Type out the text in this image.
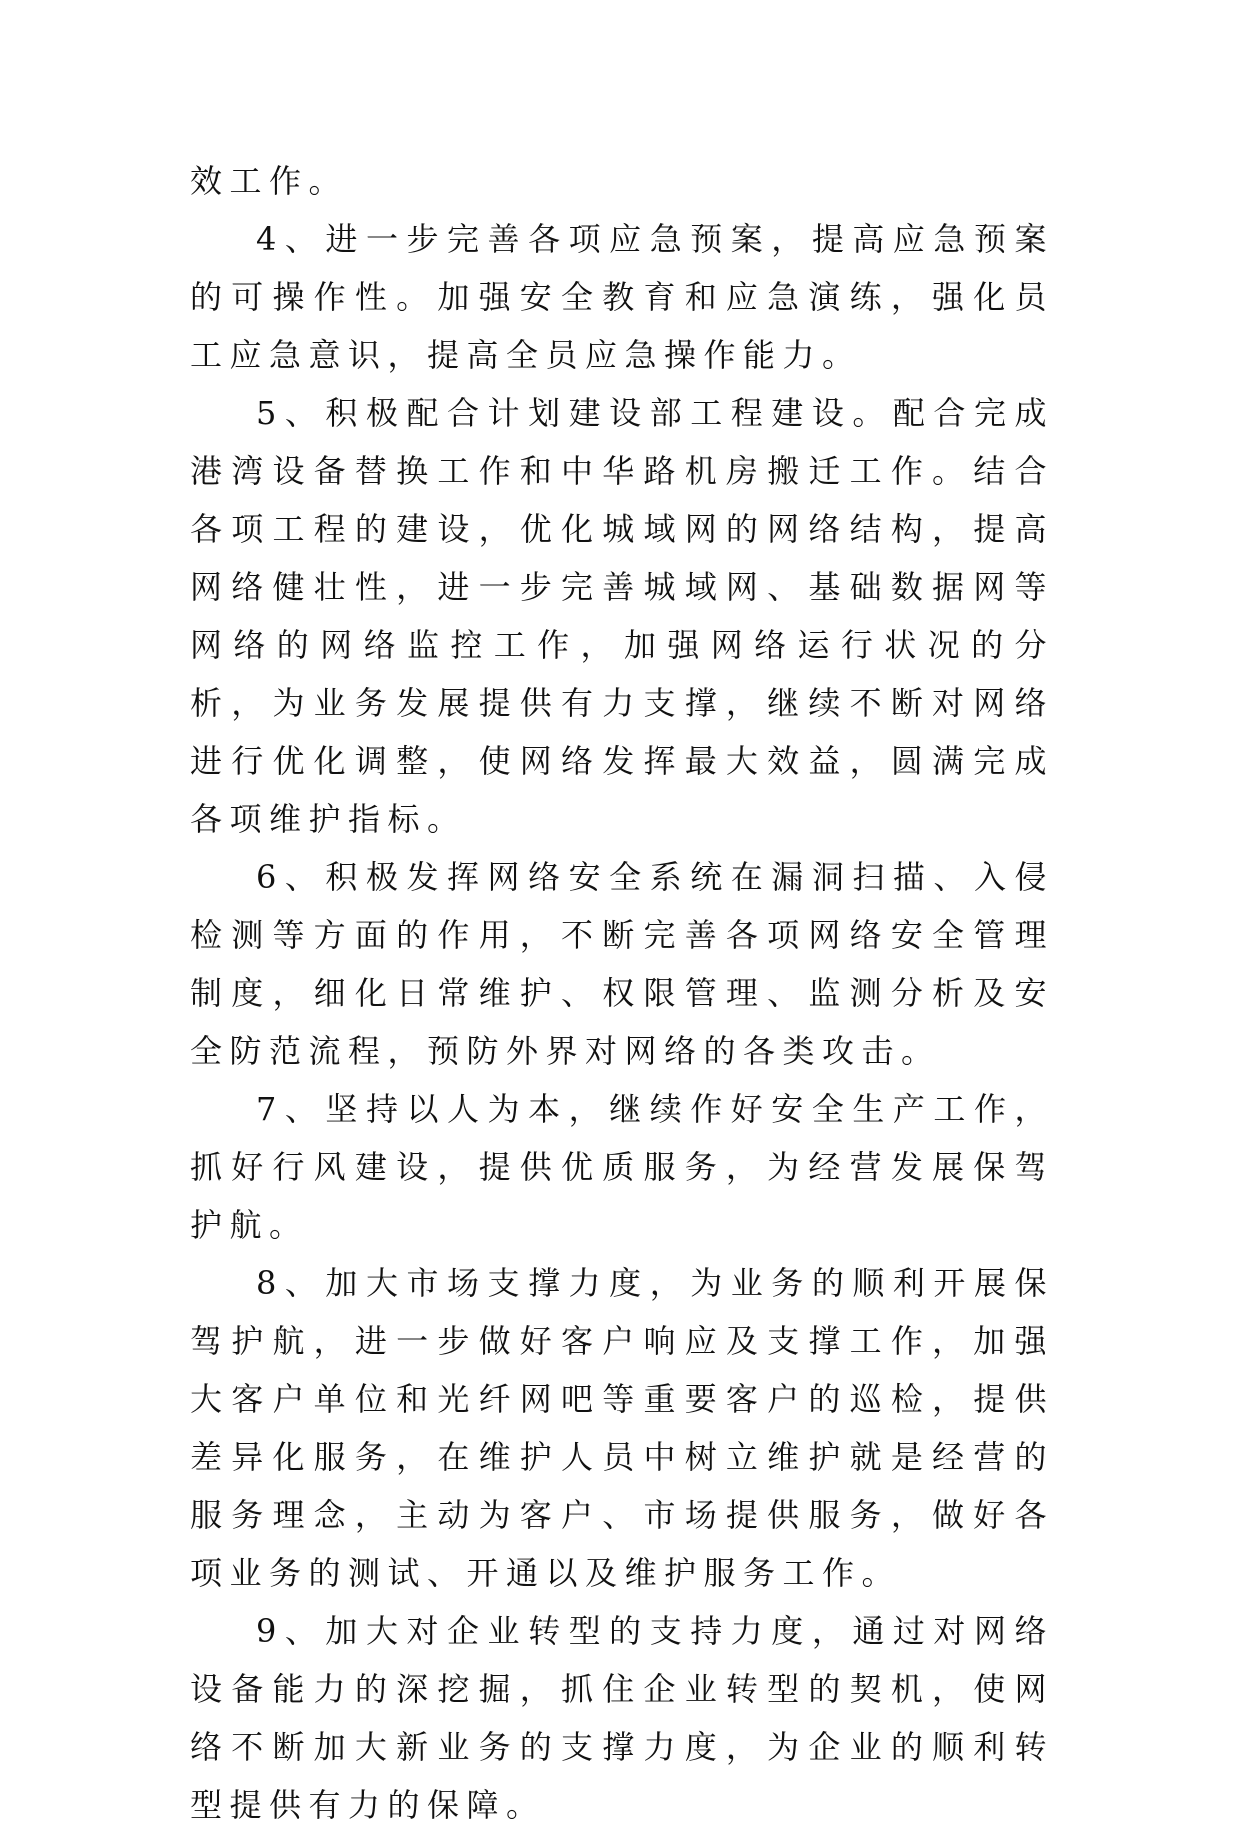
效工作。

4、进一步完善各项应急预案，提高应急预案的可操作性。加强安全教育和应急演练，强化员工应急意识，提高全员应急操作能力。

5、积极配合计划建设部工程建设。配合完成港湾设备替换工作和中华路机房搬迁工作。结合各项工程的建设，优化城域网的网络结构，提高网络健壮性，进一步完善城域网、基础数据网等网络的网络监控工作，加强网络运行状况的分析，为业务发展提供有力支撑，继续不断对网络进行优化调整，使网络发挥最大效益，圆满完成各项维护指标。

6、积极发挥网络安全系统在漏洞扫描、入侵检测等方面的作用，不断完善各项网络安全管理制度，细化日常维护、权限管理、监测分析及安全防范流程，预防外界对网络的各类攻击。

7、坚持以人为本，继续作好安全生产工作，抓好行风建设，提供优质服务，为经营发展保驾护航。

8、加大市场支撑力度，为业务的顺利开展保驾护航，进一步做好客户响应及支撑工作，加强大客户单位和光纤网吧等重要客户的巡检，提供差异化服务，在维护人员中树立维护就是经营的服务理念，主动为客户、市场提供服务，做好各项业务的测试、开通以及维护服务工作。

9、加大对企业转型的支持力度，通过对网络设备能力的深挖掘，抓住企业转型的契机，使网络不断加大新业务的支撑力度，为企业的顺利转型提供有力的保障。
